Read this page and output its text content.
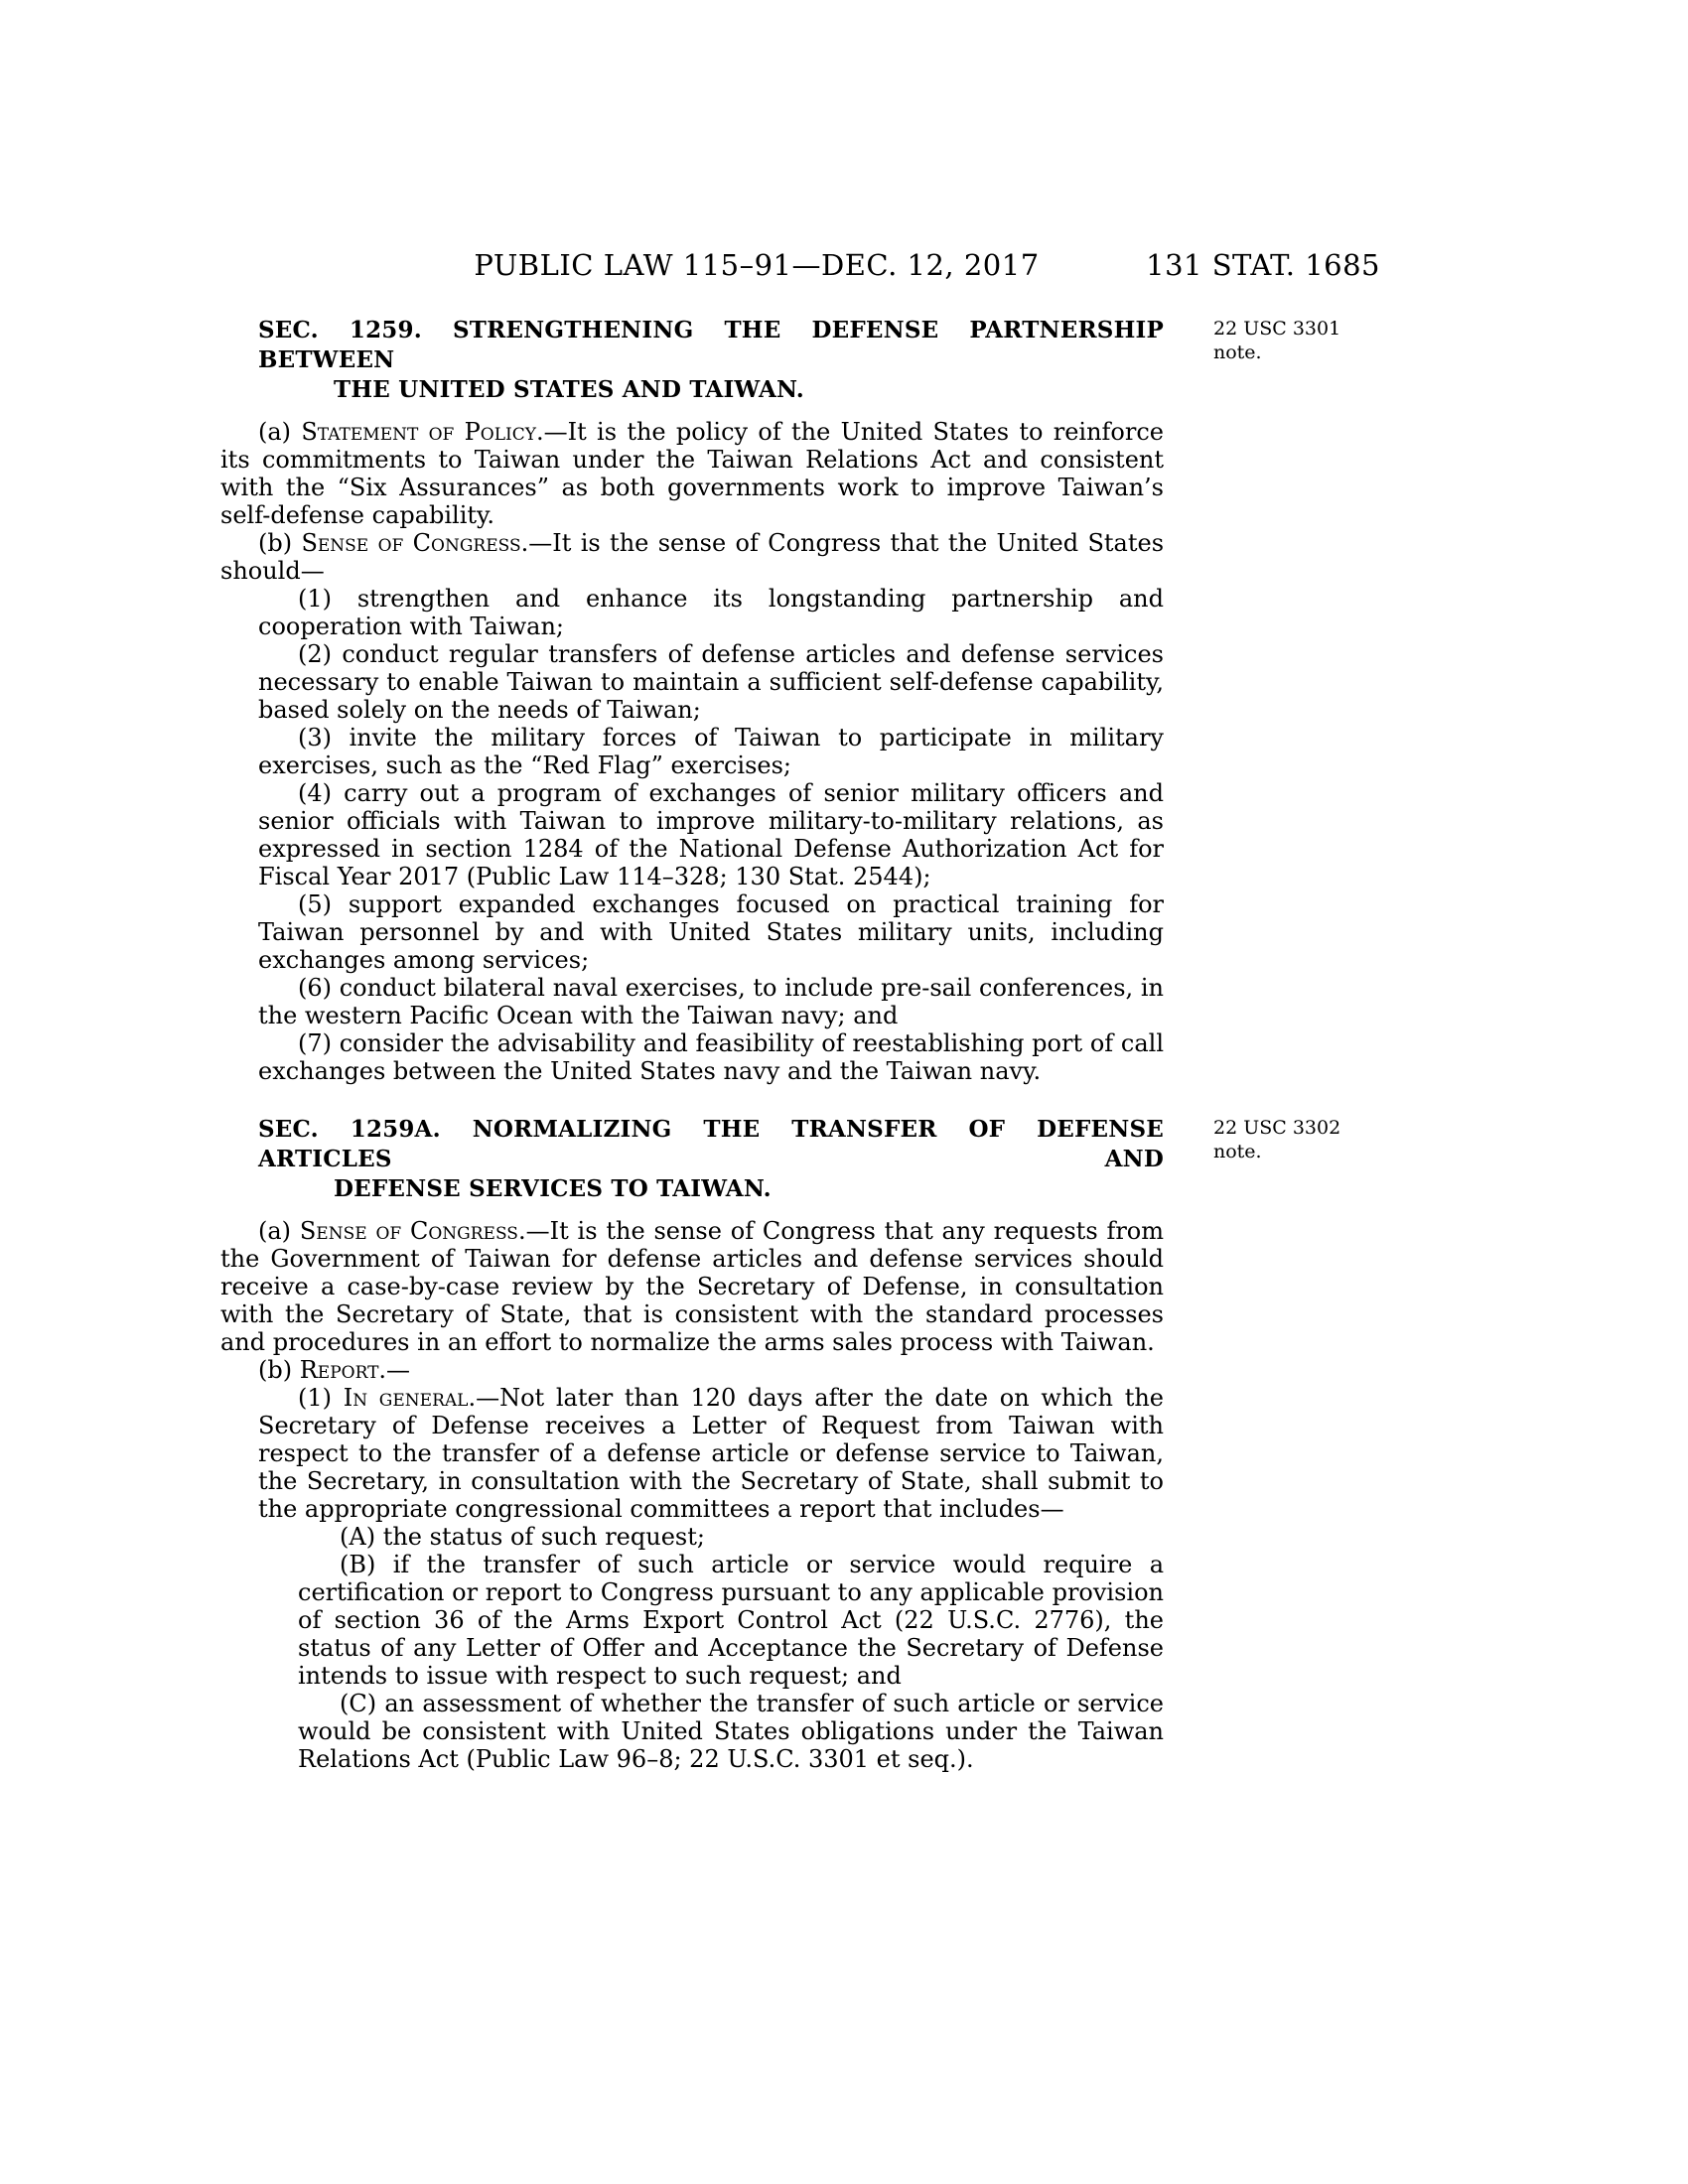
PUBLIC LAW 115–91—DEC. 12, 2017	131 STAT. 1685
SEC. 1259. STRENGTHENING THE DEFENSE PARTNERSHIP BETWEEN
THE UNITED STATES AND TAIWAN.
22 USC 3301
note.

(a) Statement of Policy.—It is the policy of the United States to reinforce its commitments to Taiwan under the Taiwan Relations Act and consistent with the “Six Assurances” as both governments work to improve Taiwan’s self-defense capability.

(b) Sense of Congress.—It is the sense of Congress that the United States should—

(1) strengthen and enhance its longstanding partnership and cooperation with Taiwan;

(2) conduct regular transfers of defense articles and defense services necessary to enable Taiwan to maintain a sufficient self-defense capability, based solely on the needs of Taiwan;

(3) invite the military forces of Taiwan to participate in military exercises, such as the “Red Flag” exercises;

(4) carry out a program of exchanges of senior military officers and senior officials with Taiwan to improve military-to-military relations, as expressed in section 1284 of the National Defense Authorization Act for Fiscal Year 2017 (Public Law 114–328; 130 Stat. 2544);

(5) support expanded exchanges focused on practical training for Taiwan personnel by and with United States military units, including exchanges among services;

(6) conduct bilateral naval exercises, to include pre-sail conferences, in the western Pacific Ocean with the Taiwan navy; and

(7) consider the advisability and feasibility of reestablishing port of call exchanges between the United States navy and the Taiwan navy.

SEC. 1259A. NORMALIZING THE TRANSFER OF DEFENSE ARTICLES AND
DEFENSE SERVICES TO TAIWAN.
22 USC 3302
note.

(a) Sense of Congress.—It is the sense of Congress that any requests from the Government of Taiwan for defense articles and defense services should receive a case-by-case review by the Secretary of Defense, in consultation with the Secretary of State, that is consistent with the standard processes and procedures in an effort to normalize the arms sales process with Taiwan.

(b) Report.—

(1) In general.—Not later than 120 days after the date on which the Secretary of Defense receives a Letter of Request from Taiwan with respect to the transfer of a defense article or defense service to Taiwan, the Secretary, in consultation with the Secretary of State, shall submit to the appropriate congressional committees a report that includes—

(A) the status of such request;

(B) if the transfer of such article or service would require a certification or report to Congress pursuant to any applicable provision of section 36 of the Arms Export Control Act (22 U.S.C. 2776), the status of any Letter of Offer and Acceptance the Secretary of Defense intends to issue with respect to such request; and

(C) an assessment of whether the transfer of such article or service would be consistent with United States obligations under the Taiwan Relations Act (Public Law 96–8; 22 U.S.C. 3301 et seq.).
